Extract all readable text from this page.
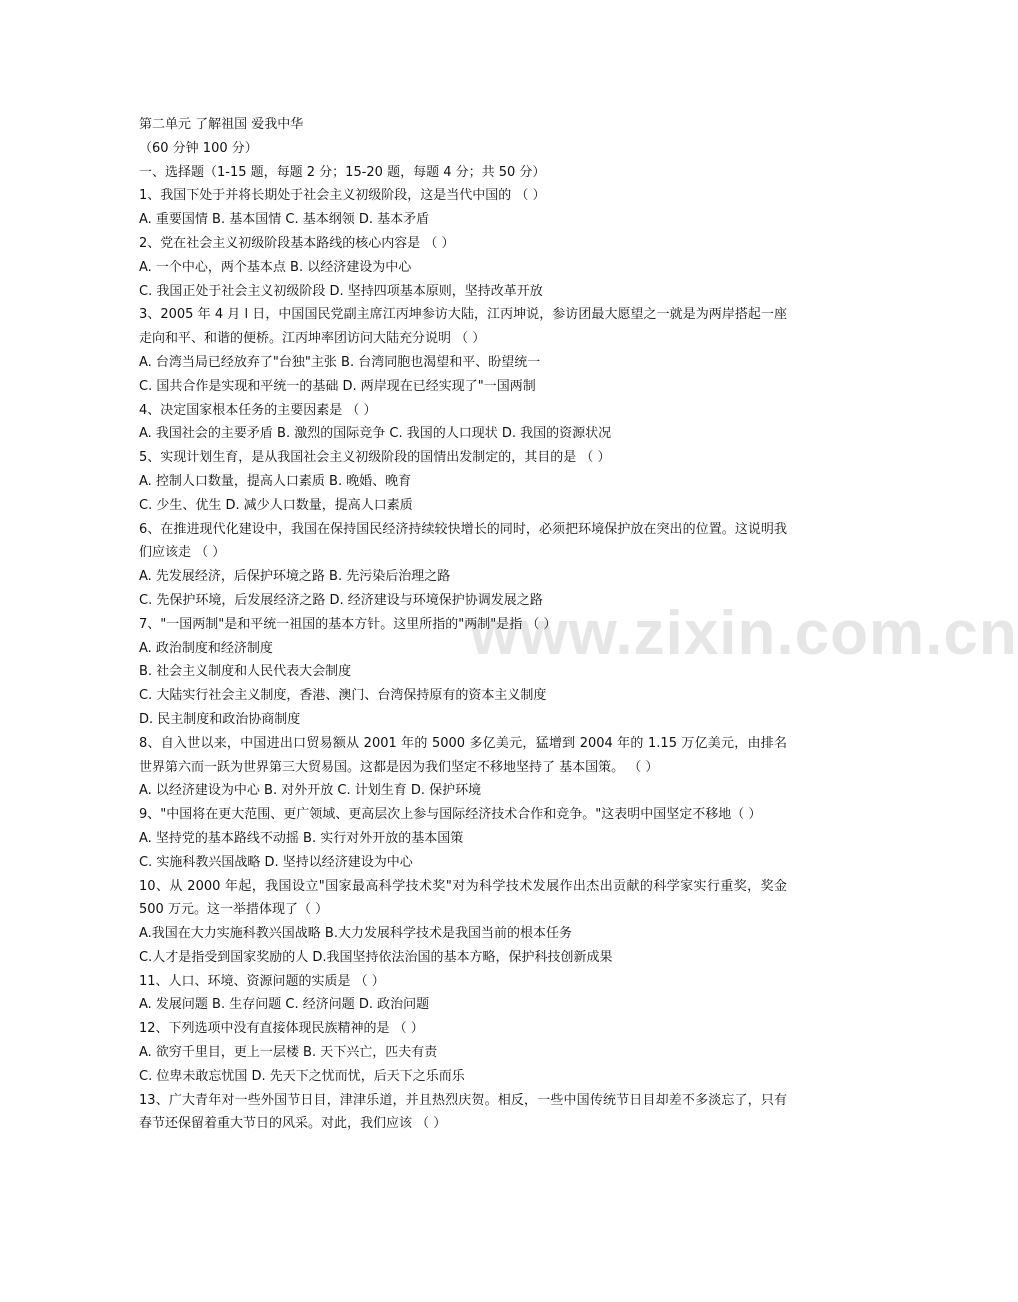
www.zixin.com.cn
第二单元 了解祖国 爱我中华
（60 分钟 100 分）
一、选择题（1-15 题，每题 2 分；15-20 题，每题 4 分；共 50 分）
1、我国下处于并将长期处于社会主义初级阶段，这是当代中国的 （ ）
A. 重要国情 B. 基本国情 C. 基本纲领 D. 基本矛盾
2、党在社会主义初级阶段基本路线的核心内容是 （ ）
A. 一个中心，两个基本点 B. 以经济建设为中心
C. 我国正处于社会主义初级阶段 D. 坚持四项基本原则，坚持改革开放
3、2005 年 4 月 l 日，中国国民党副主席江丙坤参访大陆，江丙坤说，参访团最大愿望之一就是为两岸搭起一座走向和平、和谐的便桥。江丙坤率团访问大陆充分说明 （ ）
A. 台湾当局已经放弃了"台独"主张 B. 台湾同胞也渴望和平、盼望统一
C. 国共合作是实现和平统一的基础 D. 两岸现在已经实现了"一国两制
4、决定国家根本任务的主要因素是 （ ）
A. 我国社会的主要矛盾 B. 激烈的国际竞争 C. 我国的人口现状 D. 我国的资源状况
5、实现计划生育，是从我国社会主义初级阶段的国情出发制定的，其目的是 （ ）
A. 控制人口数量，提高人口素质 B. 晚婚、晚育
C. 少生、优生 D. 减少人口数量，提高人口素质
6、在推进现代化建设中，我国在保持国民经济持续较快增长的同时，必须把环境保护放在突出的位置。这说明我们应该走 （ ）
A. 先发展经济，后保护环境之路 B. 先污染后治理之路
C. 先保护环境，后发展经济之路 D. 经济建设与环境保护协调发展之路
7、"一国两制"是和平统一祖国的基本方针。这里所指的"两制"是指 （ ）
A. 政治制度和经济制度
B. 社会主义制度和人民代表大会制度
C. 大陆实行社会主义制度，香港、澳门、台湾保持原有的资本主义制度
D. 民主制度和政治协商制度
8、自入世以来，中国进出口贸易额从 2001 年的 5000 多亿美元，猛增到 2004 年的 1.15 万亿美元，由排名世界第六而一跃为世界第三大贸易国。这都是因为我们坚定不移地坚持了 基本国策。 （ ）
A. 以经济建设为中心 B. 对外开放 C. 计划生育 D. 保护环境
9、"中国将在更大范围、更广领域、更高层次上参与国际经济技术合作和竞争。"这表明中国坚定不移地（ ）
A. 坚持党的基本路线不动摇 B. 实行对外开放的基本国策
C. 实施科教兴国战略 D. 坚持以经济建设为中心
10、从 2000 年起，我国设立"国家最高科学技术奖"对为科学技术发展作出杰出贡献的科学家实行重奖，奖金 500 万元。这一举措体现了（ ）
A.我国在大力实施科教兴国战略 B.大力发展科学技术是我国当前的根本任务
C.人才是指受到国家奖励的人 D.我国坚持依法治国的基本方略，保护科技创新成果
11、人口、环境、资源问题的实质是 （ ）
A. 发展问题 B. 生存问题 C. 经济问题 D. 政治问题
12、下列选项中没有直接体现民族精神的是 （ ）
A. 欲穷千里目，更上一层楼 B. 天下兴亡，匹夫有责
C. 位卑未敢忘忧国 D. 先天下之忧而忧，后天下之乐而乐
13、广大青年对一些外国节日目，津津乐道，并且热烈庆贺。相反，一些中国传统节日目却差不多淡忘了，只有春节还保留着重大节日的风采。对此，我们应该 （ ）
